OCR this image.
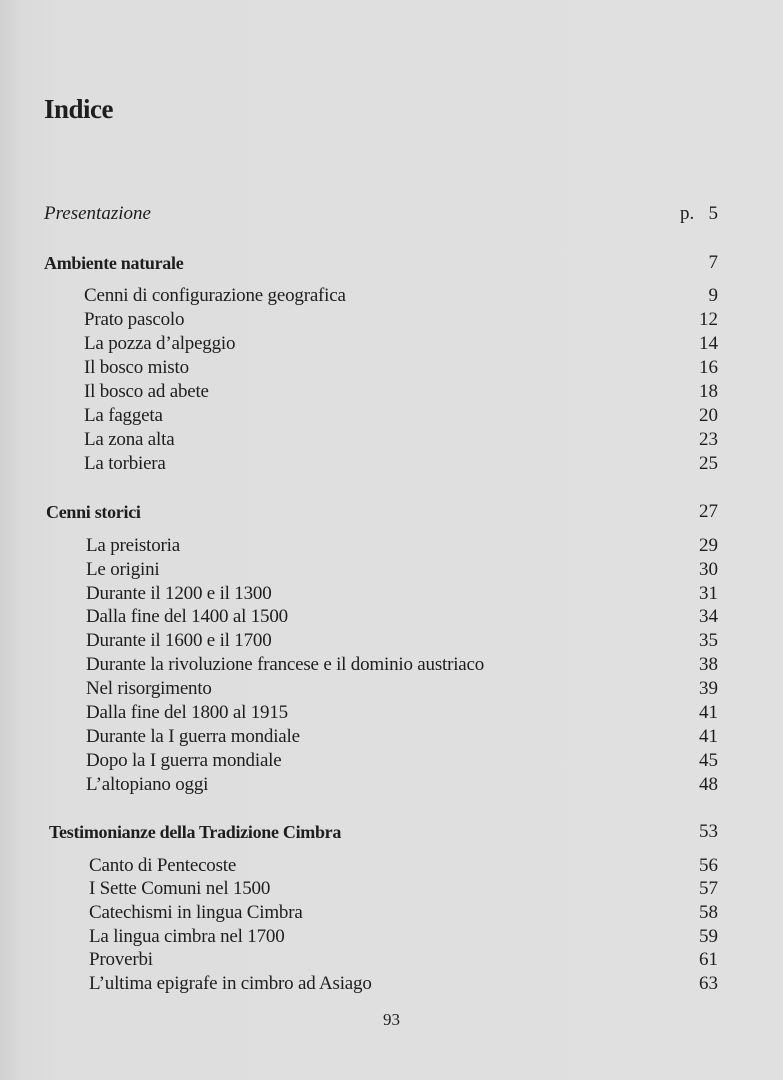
Indice
Presentazione	p.   5
Ambiente naturale	7
Cenni di configurazione geografica	9
Prato pascolo	12
La pozza d’alpeggio	14
Il bosco misto	16
Il bosco ad abete	18
La faggeta	20
La zona alta	23
La torbiera	25
Cenni storici	27
La preistoria	29
Le origini	30
Durante il 1200 e il 1300	31
Dalla fine del 1400 al 1500	34
Durante il 1600 e il 1700	35
Durante la rivoluzione francese e il dominio austriaco	38
Nel risorgimento	39
Dalla fine del 1800 al 1915	41
Durante la I guerra mondiale	41
Dopo la I guerra mondiale	45
L’altopiano oggi	48
Testimonianze della Tradizione Cimbra	53
Canto di Pentecoste	56
I Sette Comuni nel 1500	57
Catechismi in lingua Cimbra	58
La lingua cimbra nel 1700	59
Proverbi	61
L’ultima epigrafe in cimbro ad Asiago	63
93
